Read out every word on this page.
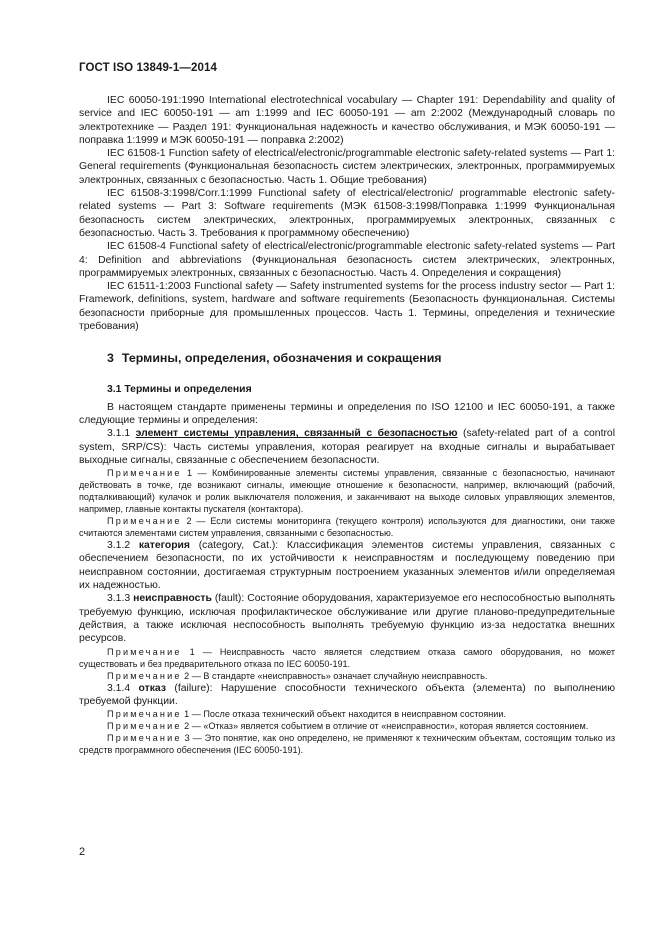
ГОСТ ISO 13849-1—2014

IEC 60050-191:1990 International electrotechnical vocabulary — Chapter 191: Dependability and quality of service and IEC 60050-191 — am 1:1999 and IEC 60050-191 — am 2:2002 (Международный словарь по электротехнике — Раздел 191: Функциональная надежность и качество обслуживания, и МЭК 60050-191 — поправка 1:1999 и МЭК 60050-191 — поправка 2:2002)

IEC 61508-1 Function safety of electrical/electronic/programmable electronic safety-related systems — Part 1: General requirements (Функциональная безопасность систем электрических, электронных, программируемых электронных, связанных с безопасностью. Часть 1. Общие требования)

IEC 61508-3:1998/Corr.1:1999 Functional safety of electrical/electronic/ programmable electronic safety-related systems — Part 3: Software requirements (МЭК 61508-3:1998/Поправка 1:1999 Функциональная безопасность систем электрических, электронных, программируемых электронных, связанных с безопасностью. Часть 3. Требования к программному обеспечению)

IEC 61508-4 Functional safety of electrical/electronic/programmable electronic safety-related systems — Part 4: Definition and abbreviations (Функциональная безопасность систем электрических, электронных, программируемых электронных, связанных с безопасностью. Часть 4. Определения и сокращения)

IEC 61511-1:2003 Functional safety — Safety instrumented systems for the process industry sector — Part 1: Framework, definitions, system, hardware and software requirements (Безопасность функциональная. Системы безопасности приборные для промышленных процессов. Часть 1. Термины, определения и технические требования)

3 Термины, определения, обозначения и сокращения
3.1 Термины и определения

В настоящем стандарте применены термины и определения по ISO 12100 и IEC 60050-191, а также следующие термины и определения:

3.1.1 элемент системы управления, связанный с безопасностью (safety-related part of a control system, SRP/CS): Часть системы управления, которая реагирует на входные сигналы и вырабатывает выходные сигналы, связанные с обеспечением безопасности.

Примечание 1 — Комбинированные элементы системы управления, связанные с безопасностью, начинают действовать в точке, где возникают сигналы, имеющие отношение к безопасности, например, включающий (рабочий, подталкивающий) кулачок и ролик выключателя положения, и заканчивают на выходе силовых управляющих элементов, например, главные контакты пускателя (контактора).

Примечание 2 — Если системы мониторинга (текущего контроля) используются для диагностики, они также считаются элементами систем управления, связанными с безопасностью.

3.1.2 категория (category, Cat.): Классификация элементов системы управления, связанных с обеспечением безопасности, по их устойчивости к неисправностям и последующему поведению при неисправном состоянии, достигаемая структурным построением указанных элементов и/или определяемая их надежностью.

3.1.3 неисправность (fault): Состояние оборудования, характеризуемое его неспособностью выполнять требуемую функцию, исключая профилактическое обслуживание или другие планово-предупредительные действия, а также исключая неспособность выполнять требуемую функцию из-за недостатка внешних ресурсов.

Примечание 1 — Неисправность часто является следствием отказа самого оборудования, но может существовать и без предварительного отказа по IEC 60050-191.

Примечание 2 — В стандарте «неисправность» означает случайную неисправность.

3.1.4 отказ (failure): Нарушение способности технического объекта (элемента) по выполнению требуемой функции.

Примечание 1 — После отказа технический объект находится в неисправном состоянии.

Примечание 2 — «Отказ» является событием в отличие от «неисправности», которая является состоянием.

Примечание 3 — Это понятие, как оно определено, не применяют к техническим объектам, состоящим только из средств программного обеспечения (IEC 60050-191).

2
